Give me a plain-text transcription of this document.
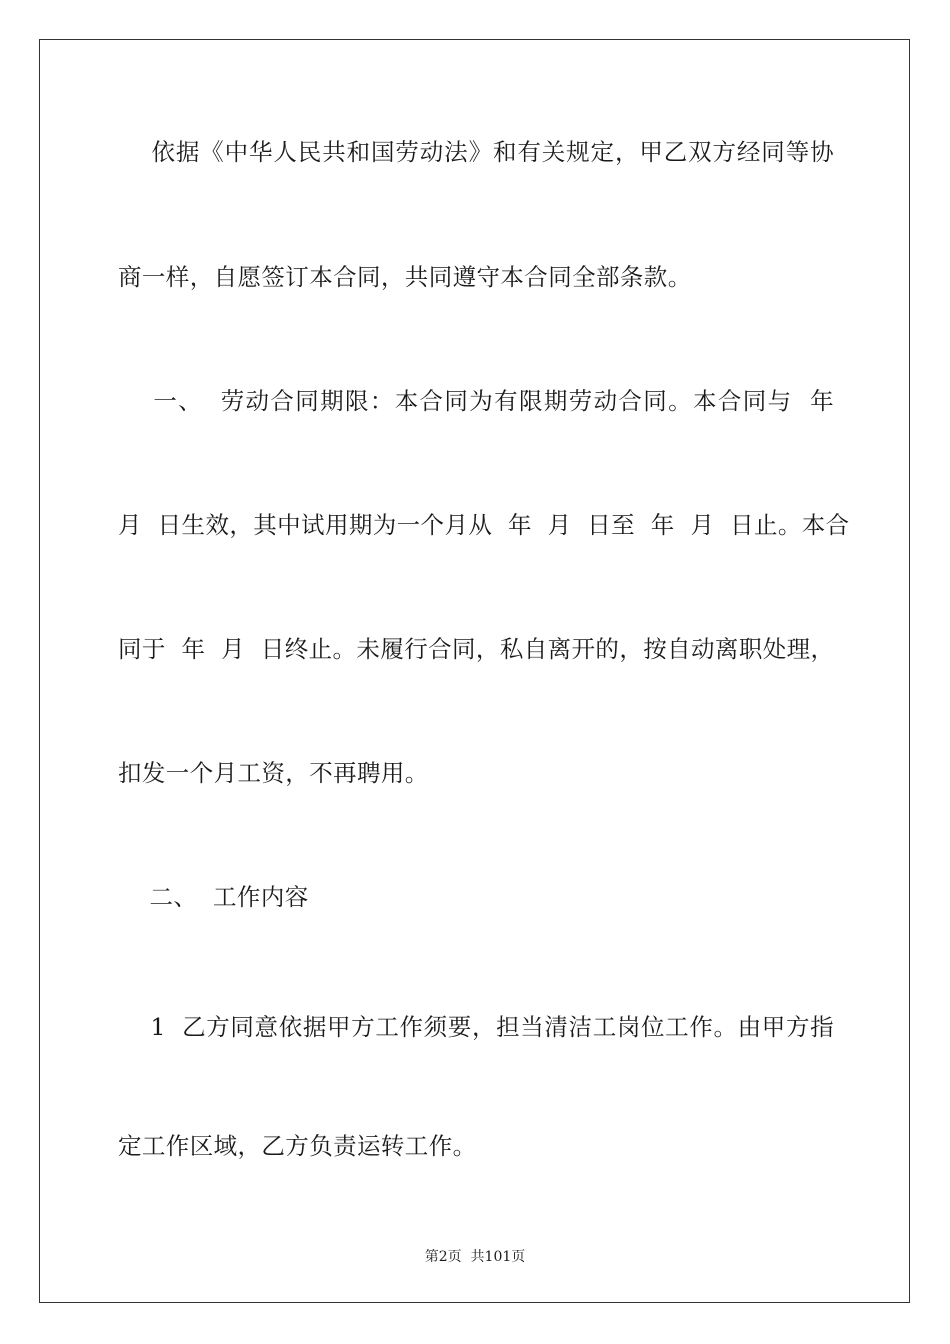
依据《中华人民共和国劳动法》和有关规定，甲乙双方经同等协
商一样，自愿签订本合同，共同遵守本合同全部条款。
一、  劳动合同期限：本合同为有限期劳动合同。本合同与  年
月  日生效，其中试用期为一个月从  年  月  日至  年  月  日止。本合
同于  年  月  日终止。未履行合同，私自离开的，按自动离职处理，
扣发一个月工资，不再聘用。
二、  工作内容
1  乙方同意依据甲方工作须要，担当清洁工岗位工作。由甲方指
定工作区域，乙方负责运转工作。
第2页  共101页
